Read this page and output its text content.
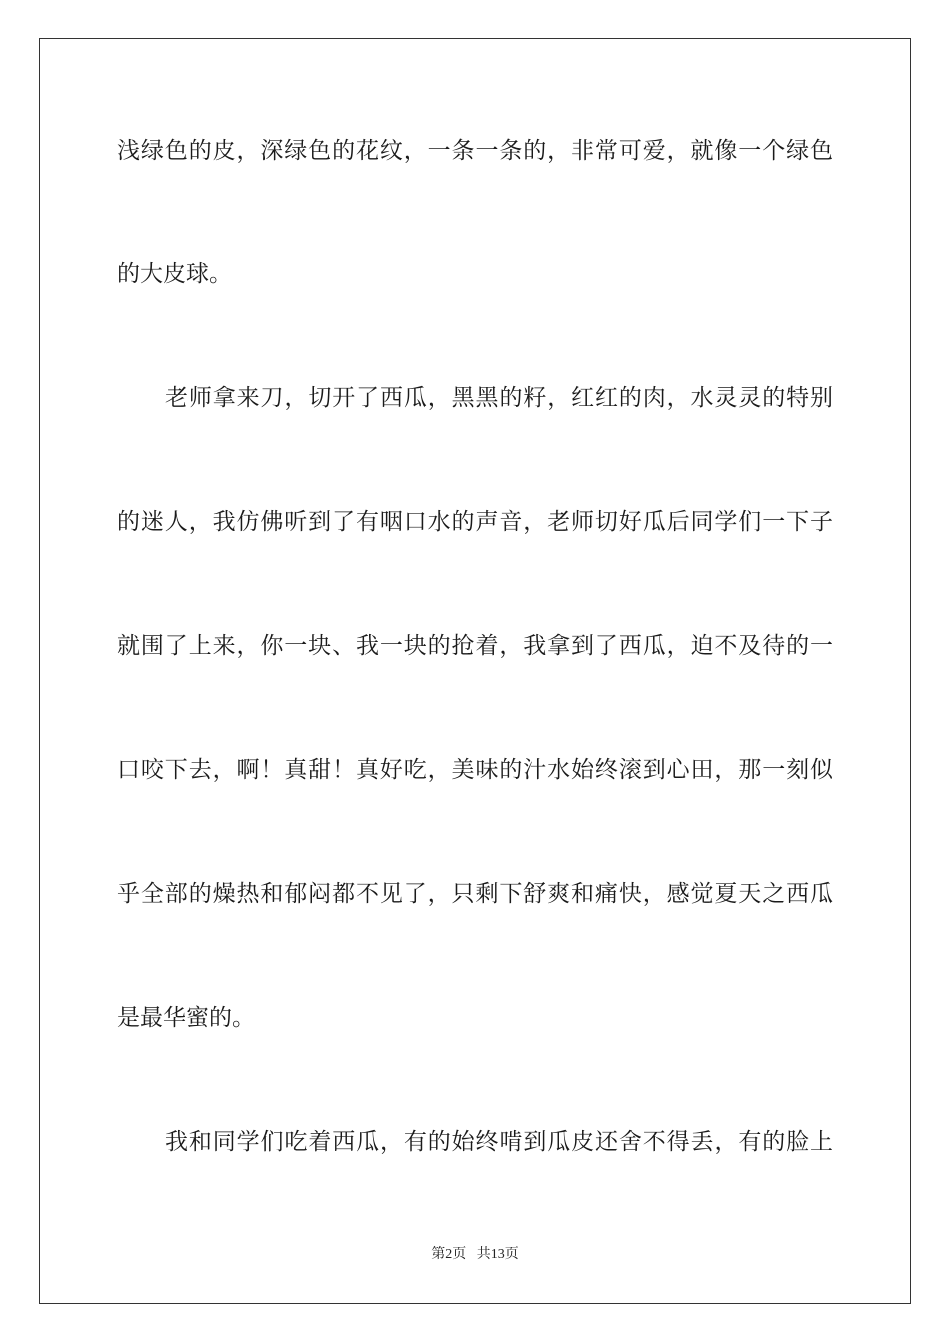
浅绿色的皮，深绿色的花纹，一条一条的，非常可爱，就像一个绿色
的大皮球。
老师拿来刀，切开了西瓜，黑黑的籽，红红的肉，水灵灵的特别
的迷人，我仿佛听到了有咽口水的声音，老师切好瓜后同学们一下子
就围了上来，你一块、我一块的抢着，我拿到了西瓜，迫不及待的一
口咬下去，啊！真甜！真好吃，美味的汁水始终滚到心田，那一刻似
乎全部的燥热和郁闷都不见了，只剩下舒爽和痛快，感觉夏天之西瓜
是最华蜜的。
我和同学们吃着西瓜，有的始终啃到瓜皮还舍不得丢，有的脸上
第2页 共13页
